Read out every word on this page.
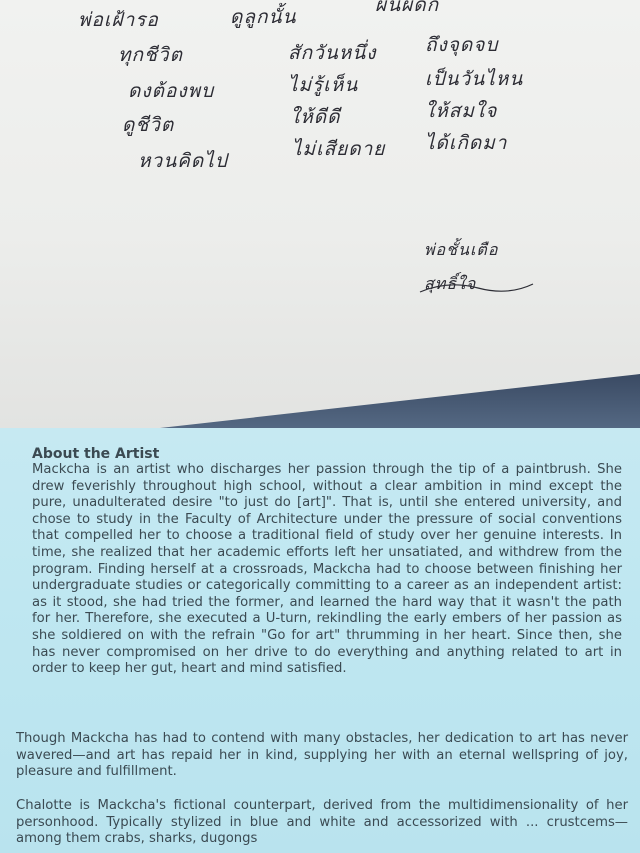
พ่อเฝ้ารอ	ดูลูกนั้น

ผนผดก

ทุกชีวิต

ดงต้องพบ

ดูชีวิต

หวนคิดไป

สักวันหนึ่ง

ไม่รู้เห็น

ให้ดีดี

ไม่เสียดาย

ถึงจุดจบ

เป็นวันไหน

ให้สมใจ

ได้เกิดมา

พ่อชั้นเตือ

สุทธิ์ใจ

About the Artist

Mackcha is an artist who discharges her passion through the tip of a paintbrush. She drew feverishly throughout high school, without a clear ambition in mind except the pure, unadulterated desire "to just do [art]". That is, until she entered university, and chose to study in the Faculty of Architecture under the pressure of social conventions that compelled her to choose a traditional field of study over her genuine interests. In time, she realized that her academic efforts left her unsatiated, and withdrew from the program. Finding herself at a crossroads, Mackcha had to choose between finishing her undergraduate studies or categorically committing to a career as an independent artist: as it stood, she had tried the former, and learned the hard way that it wasn't the path for her. Therefore, she executed a U-turn, rekindling the early embers of her passion as she soldiered on with the refrain "Go for art" thrumming in her heart. Since then, she has never compromised on her drive to do everything and anything related to art in order to keep her gut, heart and mind satisfied.

Though Mackcha has had to contend with many obstacles, her dedication to art has never wavered—and art has repaid her in kind, supplying her with an eternal wellspring of joy, pleasure and fulfillment.

Chalotte is Mackcha's fictional counterpart, derived from the multidimensionality of her personhood. Typically stylized in blue and white and accessorized with ... crustcems—among them crabs, sharks, dugongs
